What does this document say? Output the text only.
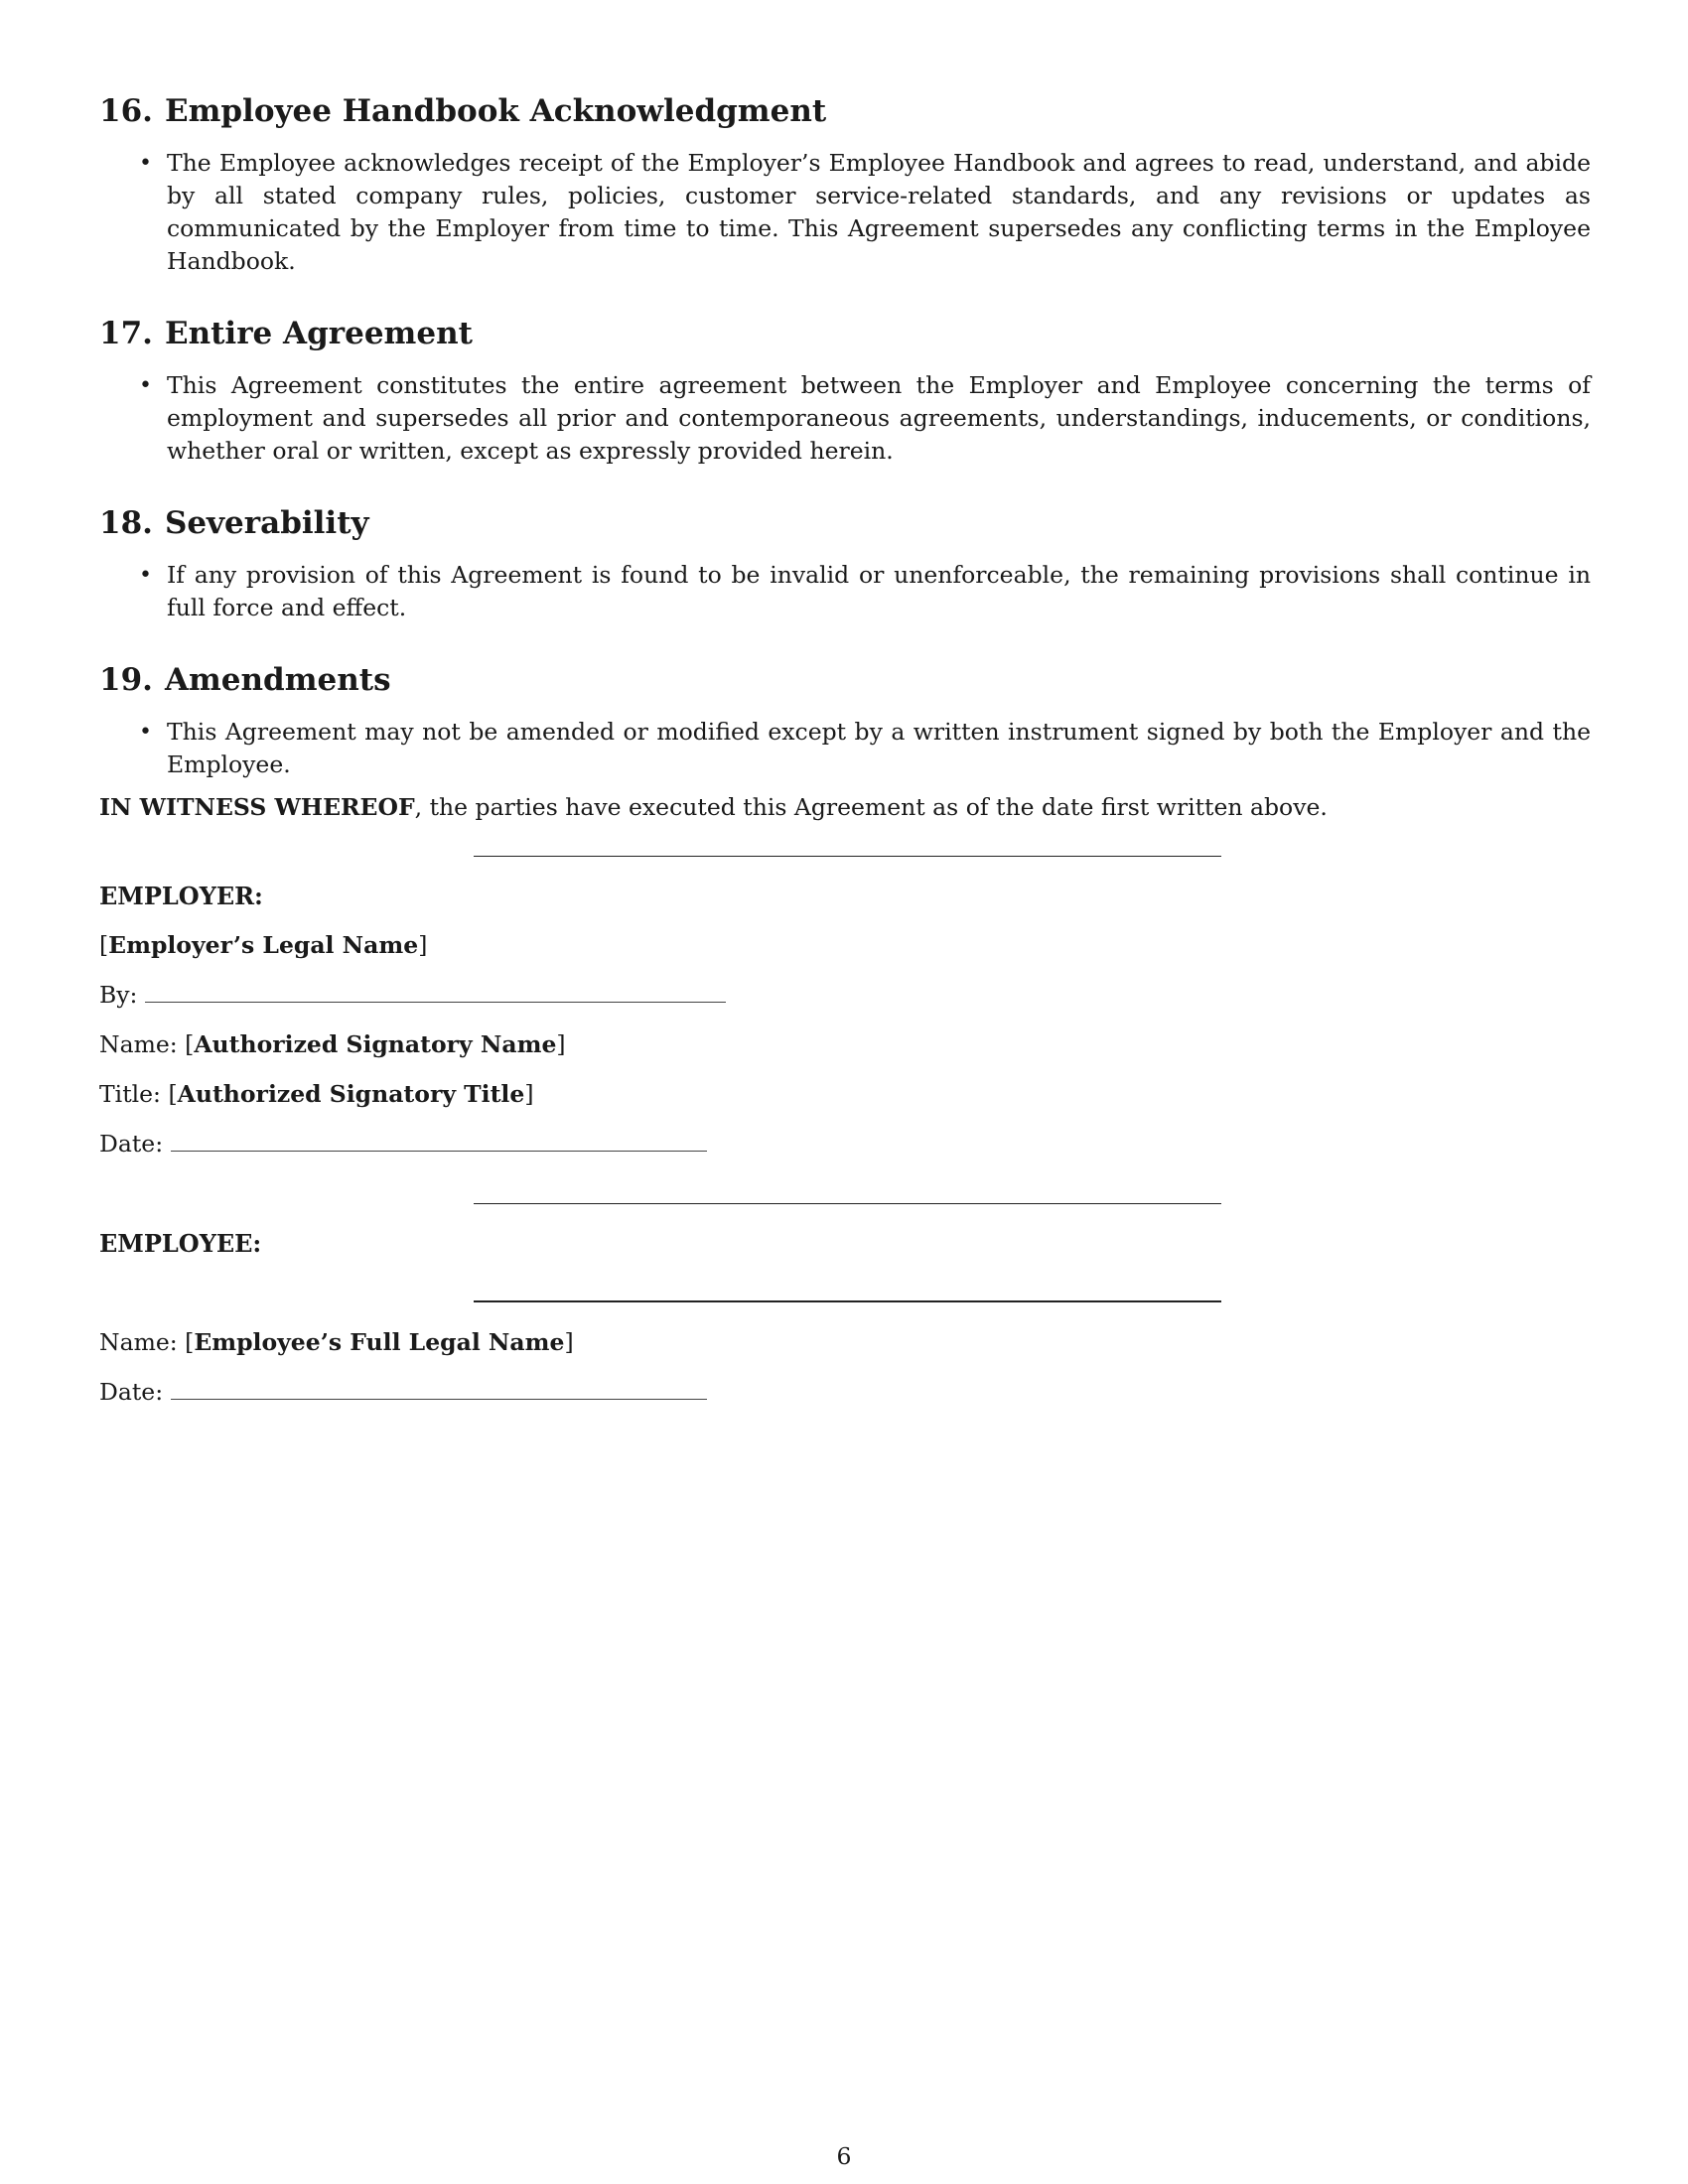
16. Employee Handbook Acknowledgment
• The Employee acknowledges receipt of the Employer’s Employee Handbook and agrees to read, understand, and abide by all stated company rules, policies, customer service-related standards, and any revisions or updates as communicated by the Employer from time to time. This Agreement supersedes any conflicting terms in the Employee Handbook.
17. Entire Agreement
• This Agreement constitutes the entire agreement between the Employer and Employee concerning the terms of employment and supersedes all prior and contemporaneous agreements, understandings, inducements, or conditions, whether oral or written, except as expressly provided herein.
18. Severability
• If any provision of this Agreement is found to be invalid or unenforceable, the remaining provisions shall continue in full force and effect.
19. Amendments
• This Agreement may not be amended or modified except by a written instrument signed by both the Employer and the Employee.

IN WITNESS WHEREOF, the parties have executed this Agreement as of the date first written above.

EMPLOYER:
[Employer’s Legal Name]
By:
Name: [Authorized Signatory Name]
Title: [Authorized Signatory Title]
Date:
EMPLOYEE:
Name: [Employee’s Full Legal Name]
Date:
6
